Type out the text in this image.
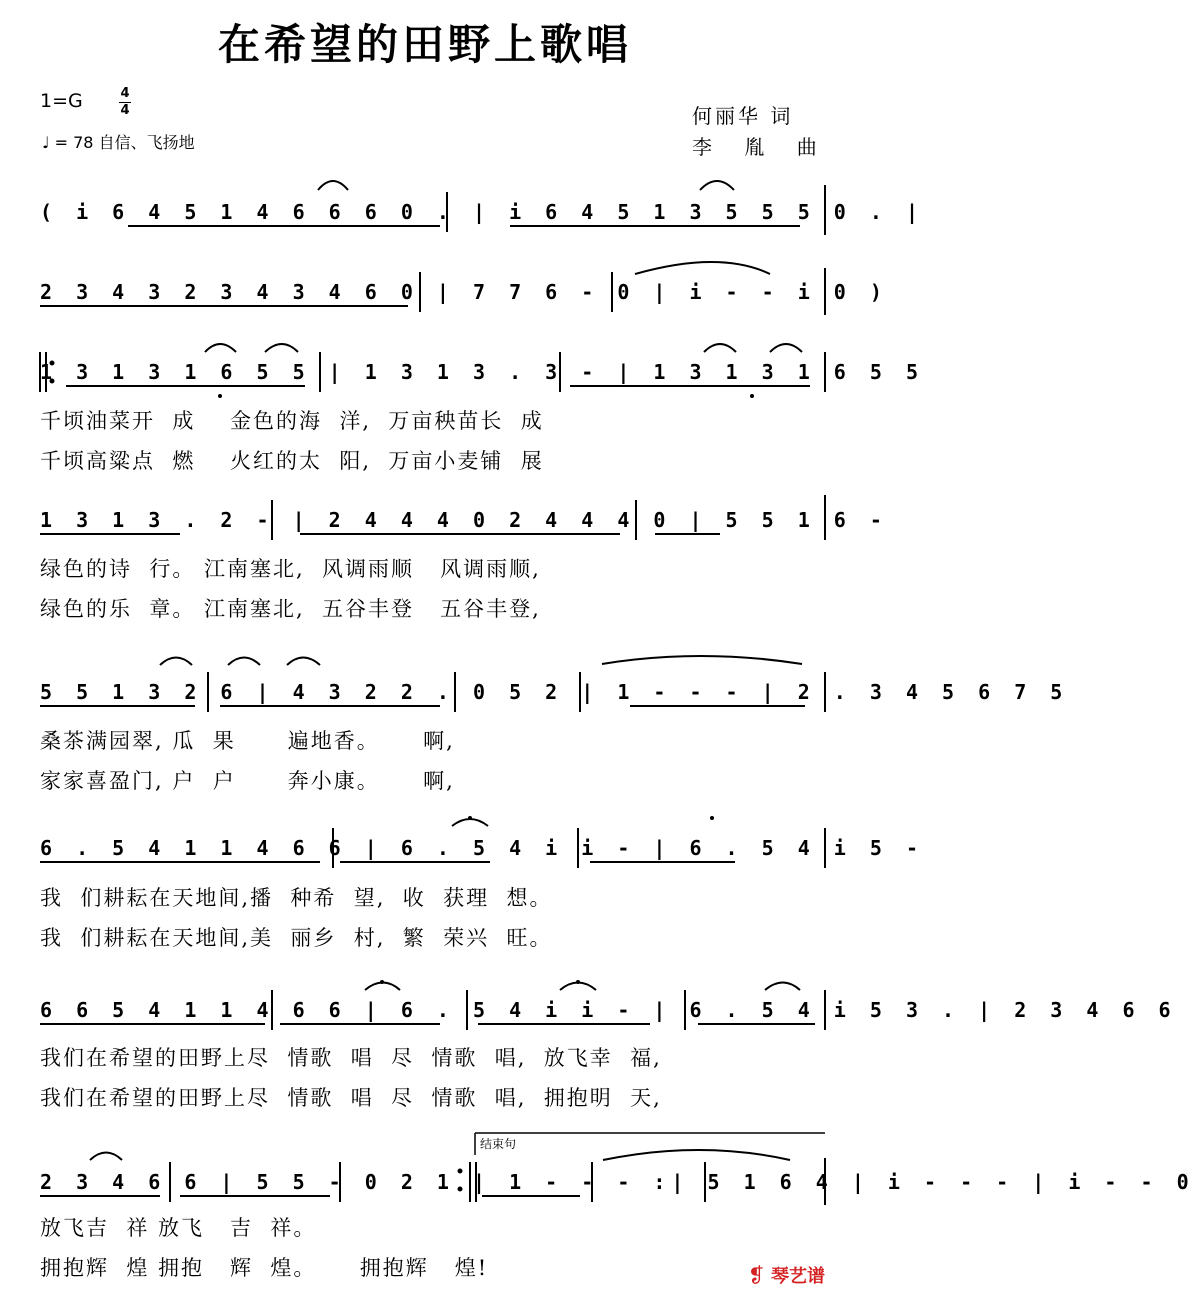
在希望的田野上歌唱
1=G	4
4
♩ = 78 自信、飞扬地
何丽华 词
李 胤 曲
( i 6 4 5 1 4 6 6 6 0 . | i 6 4 5 1 3 5 5 5 0 . |
2 3 4 3 2 3 4 3 4 6 0 | 7 7 6 - 0 | i - - i 0 )
1 3 1 3 1 6 5 5 | 1 3 1 3 . 3 - | 1 3 1 3 1 6 5 5
千顷油菜开  成    金色的海  洋,  万亩秧苗长  成
千顷高粱点  燃    火红的太  阳,  万亩小麦铺  展
1 3 1 3 . 2 - | 2 4 4 4 0 2 4 4 4 0 | 5 5 1 6 -
绿色的诗  行。 江南塞北,  风调雨顺   风调雨顺,
绿色的乐  章。 江南塞北,  五谷丰登   五谷丰登,
5 5 1 3 2 6 | 4 3 2 2 . 0 5 2 | 1 - - - | 2 . 3 4 5 6 7 5
桑茶满园翠, 瓜  果      遍地香。     啊,
家家喜盈门, 户  户      奔小康。     啊,
6 . 5 4 1 1 4 6 6 | 6 . 5 4 i i - | 6 . 5 4 i 5 -
我  们耕耘在天地间,播  种希  望,  收  获理  想。
我  们耕耘在天地间,美  丽乡  村,  繁  荣兴  旺。
6 6 5 4 1 1 4 6 6 | 6 . 5 4 i i - | 6 . 5 4 i 5 3 . | 2 3 4 6 6
我们在希望的田野上尽  情歌  唱  尽  情歌  唱,  放飞幸  福,
我们在希望的田野上尽  情歌  唱  尽  情歌  唱,  拥抱明  天,
结束句
2 3 4 6 6 | 5 5 - 0 2 1 | 1 - - - :| 5 1 6 4 | i - - - | i - - 0
放飞吉  祥 放飞   吉  祥。
拥抱辉  煌 拥抱   辉  煌。     拥抱辉   煌!	❡ 琴艺谱
